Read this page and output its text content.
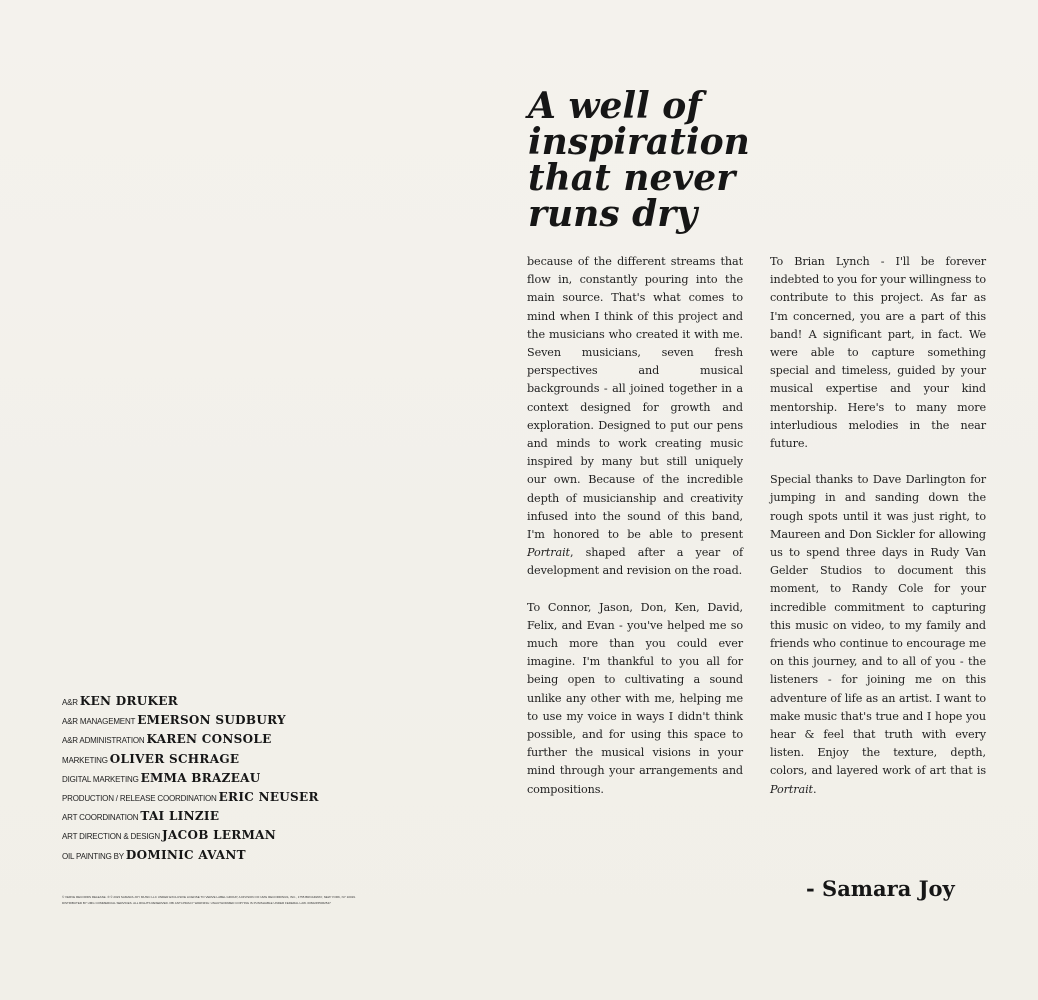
A well of
inspiration
that never
runs dry

because of the different streams that flow in, constantly pouring into the main source. That's what comes to mind when I think of this project and the musicians who created it with me. Seven musicians, seven fresh perspectives and musical backgrounds - all joined together in a context designed for growth and exploration. Designed to put our pens and minds to work creating music inspired by many but still uniquely our own. Because of the incredible depth of musicianship and creativity infused into the sound of this band, I'm honored to be able to present Portrait, shaped after a year of development and revision on the road.

To Connor, Jason, Don, Ken, David, Felix, and Evan - you've helped me so much more than you could ever imagine. I'm thankful to you all for being open to cultivating a sound unlike any other with me, helping me to use my voice in ways I didn't think possible, and for using this space to further the musical visions in your mind through your arrangements and compositions.

To Brian Lynch - I'll be forever indebted to you for your willingness to contribute to this project. As far as I'm concerned, you are a part of this band! A significant part, in fact. We were able to capture something special and timeless, guided by your musical expertise and your kind mentorship. Here's to many more interludious melodies in the near future.

Special thanks to Dave Darlington for jumping in and sanding down the rough spots until it was just right, to Maureen and Don Sickler for allowing us to spend three days in Rudy Van Gelder Studios to document this moment, to Randy Cole for your incredible commitment to capturing this music on video, to my family and friends who continue to encourage me on this journey, and to all of you - the listeners - for joining me on this adventure of life as an artist. I want to make music that's true and I hope you hear & feel that truth with every listen. Enjoy the texture, depth, colors, and layered work of art that is Portrait.

- Samara Joy
A&R KEN DRUKER
A&R MANAGEMENT EMERSON SUDBURY
A&R ADMINISTRATION KAREN CONSOLE
MARKETING OLIVER SCHRAGE
DIGITAL MARKETING EMMA BRAZEAU
PRODUCTION / RELEASE COORDINATION ERIC NEUSER
ART COORDINATION TAI LINZIE
ART DIRECTION & DESIGN JACOB LERMAN
OIL PAINTING BY DOMINIC AVANT
© VERVE RECORDS RELEASE. ℗ © 2023 SAMARA JOY MUSIC LLC UNDER EXCLUSIVE LICENSE TO VERVE LABEL GROUP, A DIVISION OF UMG RECORDINGS, INC., 1755 BROADWAY, NEW YORK, NY 10019.
DISTRIBUTED BY UMG COMMERCIAL SERVICES. ALL RIGHTS RESERVED. FBI ANTI-PIRACY WARNING: UNAUTHORIZED COPYING IS PUNISHABLE UNDER FEDERAL LAW. 00602455062547
